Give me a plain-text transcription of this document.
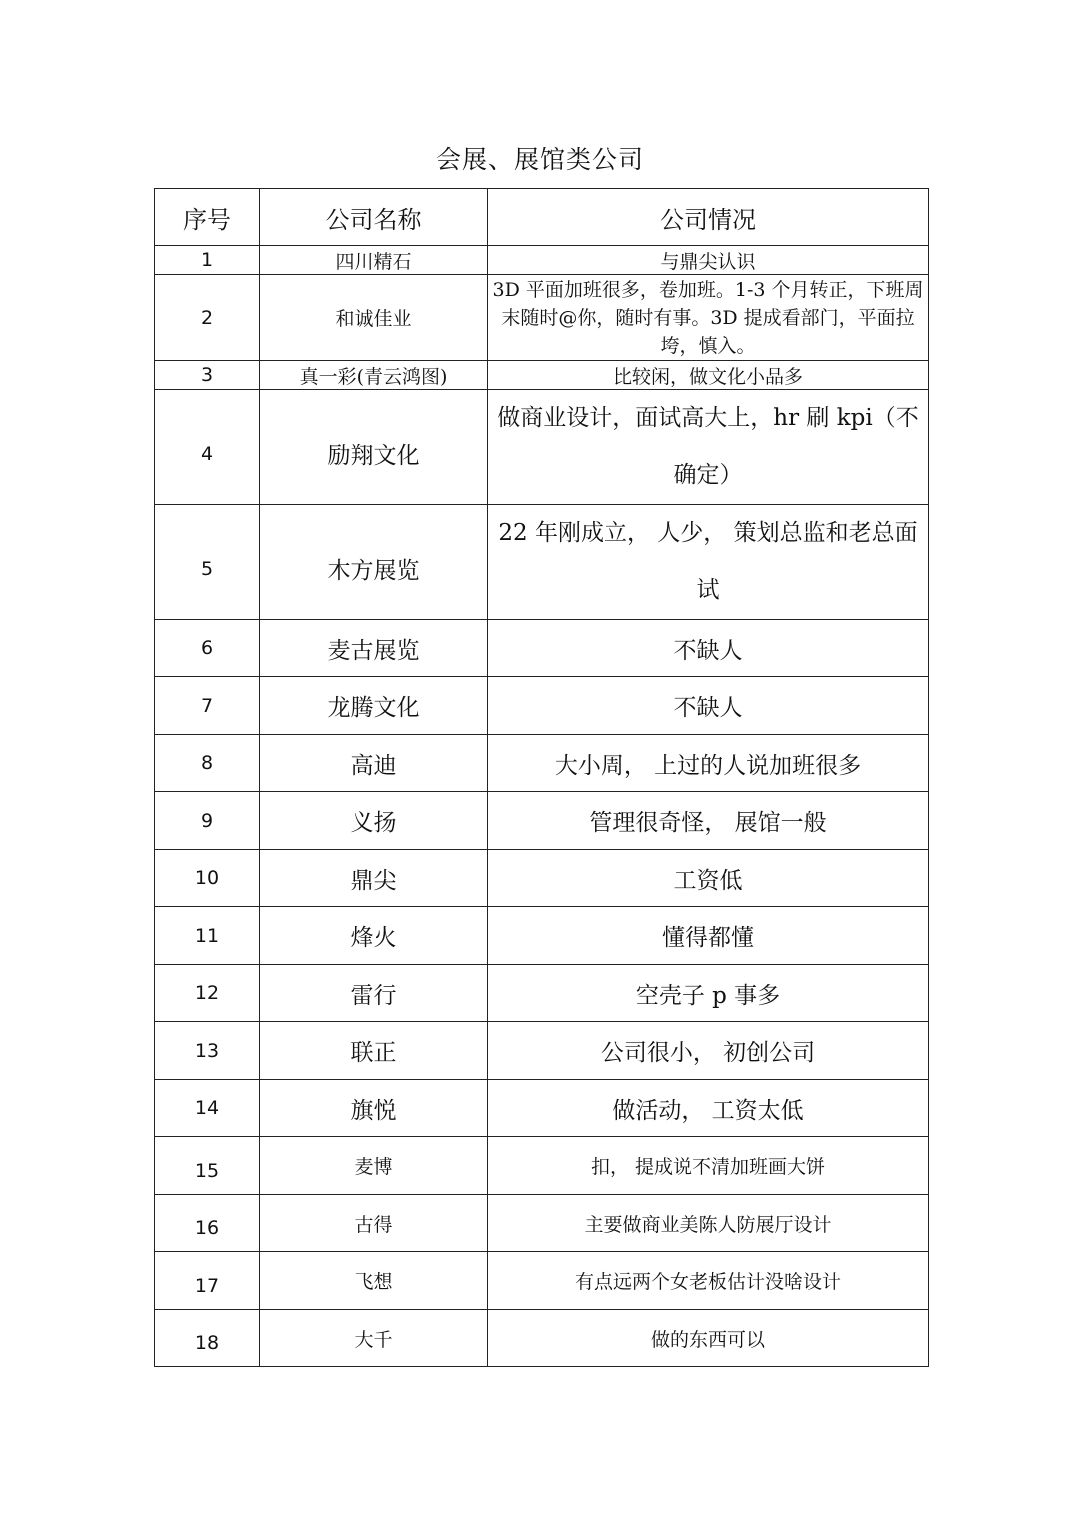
会展、展馆类公司
序号	公司名称	公司情况
1	四川精石	与鼎尖认识
2	和诚佳业	3D 平面加班很多，卷加班。1-3 个月转正，下班周末随时@你，随时有事。3D 提成看部门，平面拉垮，慎入。
3	真一彩(青云鸿图)	比较闲，做文化小品多
4	励翔文化	做商业设计，面试高大上，hr 刷 kpi（不确定）
5	木方展览	22 年刚成立， 人少， 策划总监和老总面试
6	麦古展览	不缺人
7	龙腾文化	不缺人
8	高迪	大小周， 上过的人说加班很多
9	义扬	管理很奇怪， 展馆一般
10	鼎尖	工资低
11	烽火	懂得都懂
12	雷行	空壳子 p 事多
13	联正	公司很小， 初创公司
14	旗悦	做活动， 工资太低
15	麦博	扣， 提成说不清加班画大饼
16	古得	主要做商业美陈人防展厅设计
17	飞想	有点远两个女老板估计没啥设计
18	大千	做的东西可以
